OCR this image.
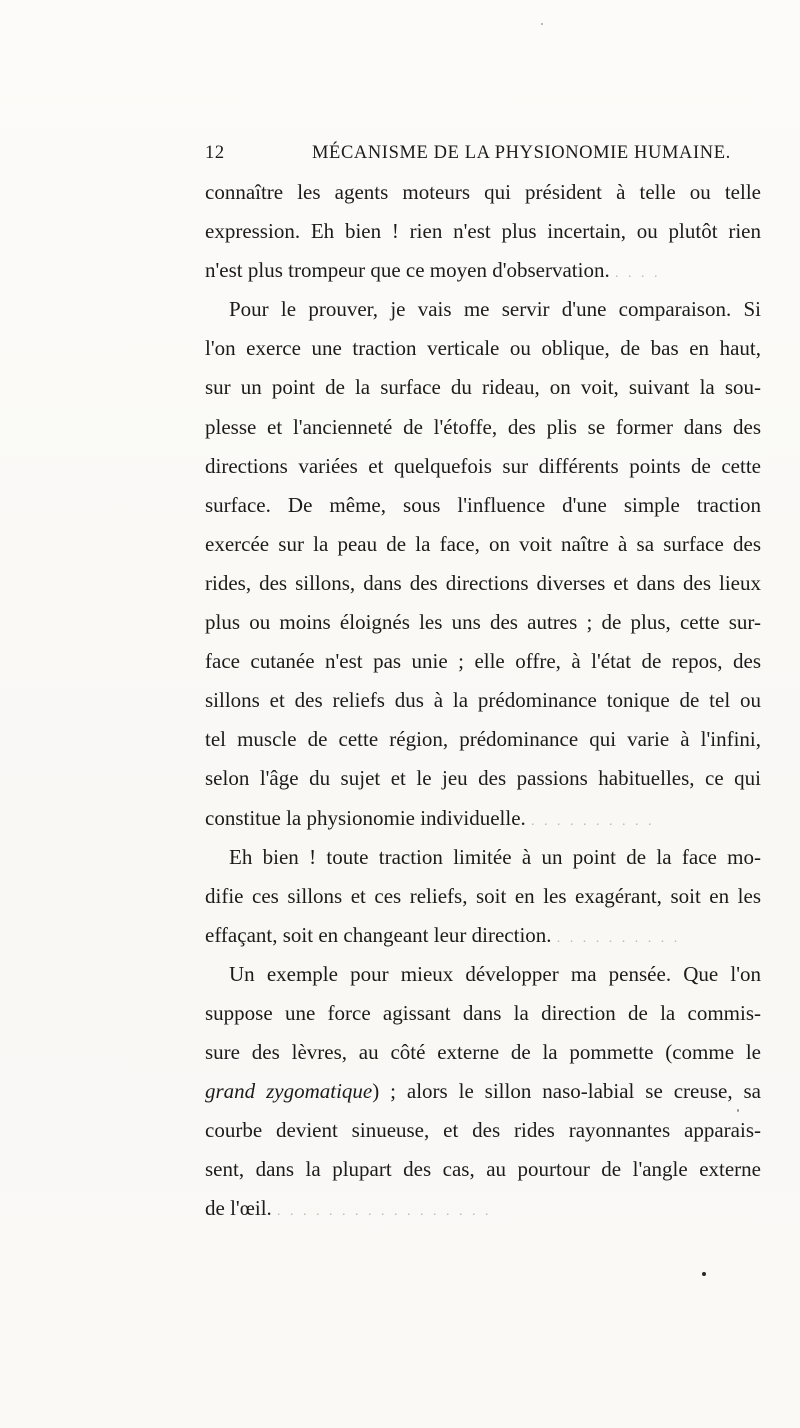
12	MÉCANISME DE LA PHYSIONOMIE HUMAINE.
connaître les agents moteurs qui président à telle ou telle
expression. Eh bien ! rien n'est plus incertain, ou plutôt rien
n'est plus trompeur que ce moyen d'observation. . . . .
Pour le prouver, je vais me servir d'une comparaison. Si
l'on exerce une traction verticale ou oblique, de bas en haut,
sur un point de la surface du rideau, on voit, suivant la sou-
plesse et l'ancienneté de l'étoffe, des plis se former dans des
directions variées et quelquefois sur différents points de cette
surface. De même, sous l'influence d'une simple traction
exercée sur la peau de la face, on voit naître à sa surface des
rides, des sillons, dans des directions diverses et dans des lieux
plus ou moins éloignés les uns des autres ; de plus, cette sur-
face cutanée n'est pas unie ; elle offre, à l'état de repos, des
sillons et des reliefs dus à la prédominance tonique de tel ou
tel muscle de cette région, prédominance qui varie à l'infini,
selon l'âge du sujet et le jeu des passions habituelles, ce qui
constitue la physionomie individuelle. . . . . . . . . . .
Eh bien ! toute traction limitée à un point de la face mo-
difie ces sillons et ces reliefs, soit en les exagérant, soit en les
effaçant, soit en changeant leur direction. . . . . . . . . . .
Un exemple pour mieux développer ma pensée. Que l'on
suppose une force agissant dans la direction de la commis-
sure des lèvres, au côté externe de la pommette (comme le
grand zygomatique) ; alors le sillon naso-labial se creuse, sa
courbe devient sinueuse, et des rides rayonnantes apparais-
sent, dans la plupart des cas, au pourtour de l'angle externe
de l'œil. . . . . . . . . . . . . . . . . .
